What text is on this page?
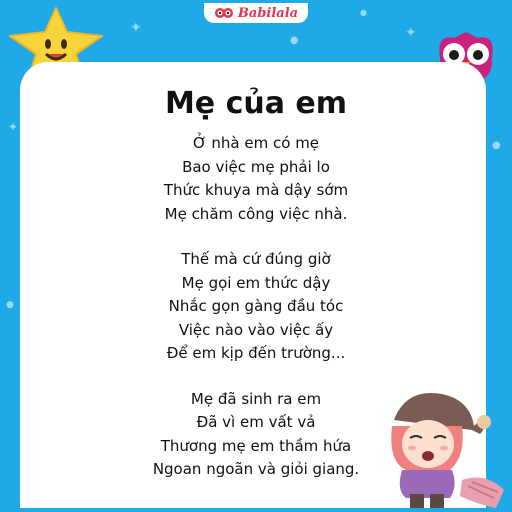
✦
●	✦
●
✦
●
●
Babilala
Mẹ của em
Ở nhà em có mẹ
Bao việc mẹ phải lo
Thức khuya mà dậy sớm
Mẹ chăm công việc nhà.
Thế mà cứ đúng giờ
Mẹ gọi em thức dậy
Nhắc gọn gàng đầu tóc
Việc nào vào việc ấy
Để em kịp đến trường...
Mẹ đã sinh ra em
Đã vì em vất vả
Thương mẹ em thầm hứa
Ngoan ngoãn và giỏi giang.
